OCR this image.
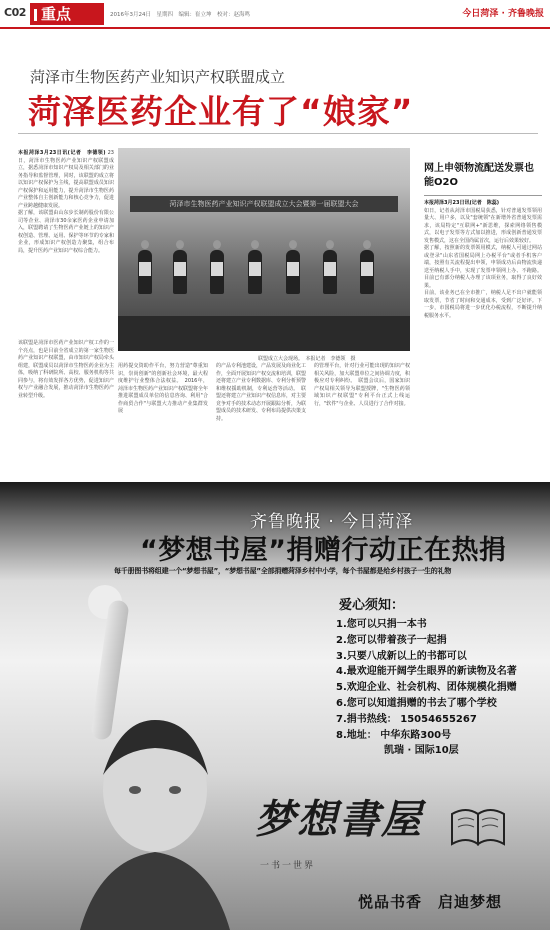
C02	重点	2016年3月24日　星期四　编辑：崔立坤　校对：赵海鸣	今日菏泽 · 齐鲁晚报
菏泽市生物医药产业知识产权联盟成立
菏泽医药企业有了“娘家”
本报菏泽3月23日讯(记者　李德领) 23日，菏泽市生物医药产业知识产权联盟成立，据悉菏泽市知识产权局及相关部门的业务指导和监督管理，同时，该联盟的成立将以知识产权保护为主线，提高联盟成员知识产权保护和运用能力，提升菏泽市生物医药产业整体自主创新能力和核心竞争力，促进产业跨越健康发展。
据了解，该联盟由山东步长制药股份有限公司等企业、菏泽市30余家医药企业申请加入，联盟聘请了生物医药产业链上的知识产权创造、管理、运用、保护等环节的专家和企业，形成知识产权创造力聚集，组合布局，提升医药产业知识产权综合能力。
该联盟是菏泽市医药产业知识产权工作的一个亮点，也是目前全省成立的第一家生物医药产业知识产权联盟，由市知识产权局牵头组建，联盟成员以菏泽市生物医药企业为主体，吸纳了科研院所、高校、服务机构等共同参与，将有效发挥各方优势，促进知识产权与产业融合发展，推动菏泽市生物医药产业转型升级。
菏泽市生物医药产业知识产权联盟成立大会暨第一届联盟大会
联盟成立大会现场。　本报记者　李德领　摄
用药提交资助作平台，努力营造"尊重知识，崇尚创新"的创新社会环境，最大程度维护行业整体合法权益。　2016年，菏泽市生物医药产业知识产权联盟将全年推进联盟成员单位的信息咨询、利用"合作商贸合作"与联盟大力推动产业集群发展
的产品专利池建设，产品发展及商业化工作，全面开展知识产权交流和培训，联盟还将建立产业专利数据库、专利分析预警和维权援助机制，专利运营等活动。　联盟还将建立产业知识产权信息库，对主要竞争对手的技术动态开展跟踪分析，为联盟成员的技术研发、专利布局提供决策支持。
的管理平台，针对行业可能出现的知识产权相关风险，加大联盟单位之间协调力度，积极应对专利纠纷。　联盟会议后，国家知识产权局相关领导为联盟授牌，"生物医药领域知识产权联盟"专利平台正式上线运行，"软件"与企业、人员进行了合作对接。
网上申领物流配送发票也能O2O
本报菏泽3月23日讯(记者　陈蕊)
如日，记者从菏泽市国税局获悉，针对普通发票领用量大、用户多，以及"套统领"在新增外省普通发票需求，该局特定"互联网+"新思维，探索网络领售模式，以电子发票等方式加以推进，形成创新普通发票发售模式，这在全国尚属首次，运行后效果较好。
据了解，按照新的发票领用模式，纳税人可通过网站或登录"山东省国税局网上办税平台"或者手机客户端，按照有关流程提出申领，申领成功后由物流快递送至纳税人手中，实现了发票申领网上办、不跑路。目前已有部分纳税人办理了该项业务，取得了良好效果。
目前，该业务已在全市推广，纳税人足不出户就能领取发票，节省了时间和交通成本，受到广泛好评。下一步，市国税局将进一步优化办税流程，不断提升纳税服务水平。
齐鲁晚报 · 今日菏泽
“梦想书屋”捐赠行动正在热捐
每千册图书将组建一个“梦想书屋”，“梦想书屋”全部捐赠菏泽乡村中小学，每个书屋都是给乡村孩子一生的礼物
爱心须知：
1.您可以只捐一本书
2.您可以带着孩子一起捐
3.只要八成新以上的书都可以
4.最欢迎能开阔学生眼界的新读物及名著
5.欢迎企业、社会机构、团体规模化捐赠
6.您可以知道捐赠的书去了哪个学校
7.捐书热线： 15054655267
8.地址： 中华东路300号
凯瑞 · 国际10层
梦想書屋
一书一世界
悦品书香　启迪梦想
